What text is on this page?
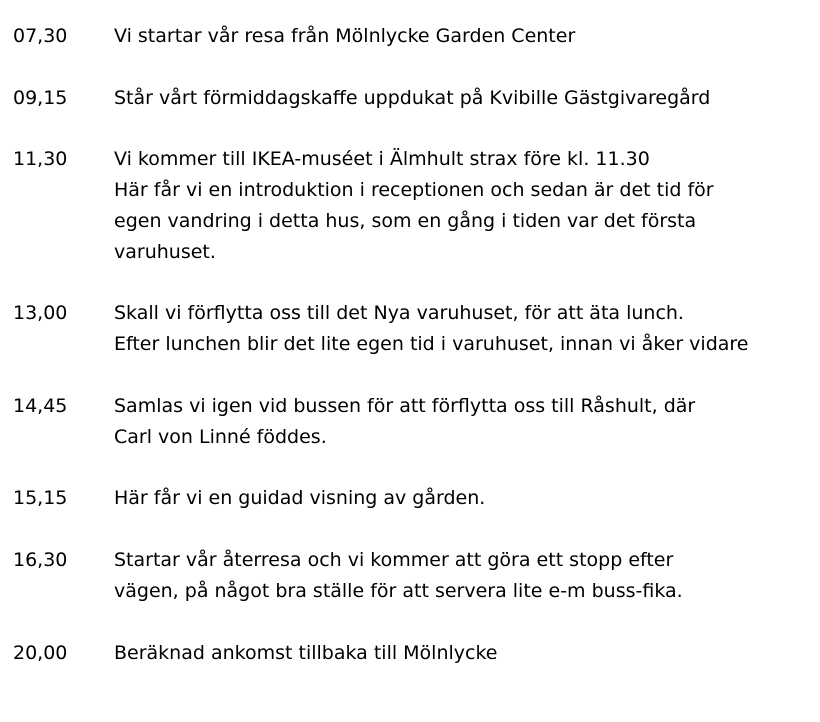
07,30 Vi startar vår resa från Mölnlycke Garden Center
09,15 Står vårt förmiddagskaffe uppdukat på Kvibille Gästgivaregård
11,30 Vi kommer till IKEA-muséet i Älmhult strax före kl. 11.30
Här får vi en introduktion i receptionen och sedan är det tid för
egen vandring i detta hus, som en gång i tiden var det första
varuhuset.
13,00 Skall vi förflytta oss till det Nya varuhuset, för att äta lunch.
Efter lunchen blir det lite egen tid i varuhuset, innan vi åker vidare
14,45 Samlas vi igen vid bussen för att förflytta oss till Råshult, där
Carl von Linné föddes.
15,15 Här får vi en guidad visning av gården.
16,30 Startar vår återresa och vi kommer att göra ett stopp efter
vägen, på något bra ställe för att servera lite e-m buss-fika.
20,00 Beräknad ankomst tillbaka till Mölnlycke
